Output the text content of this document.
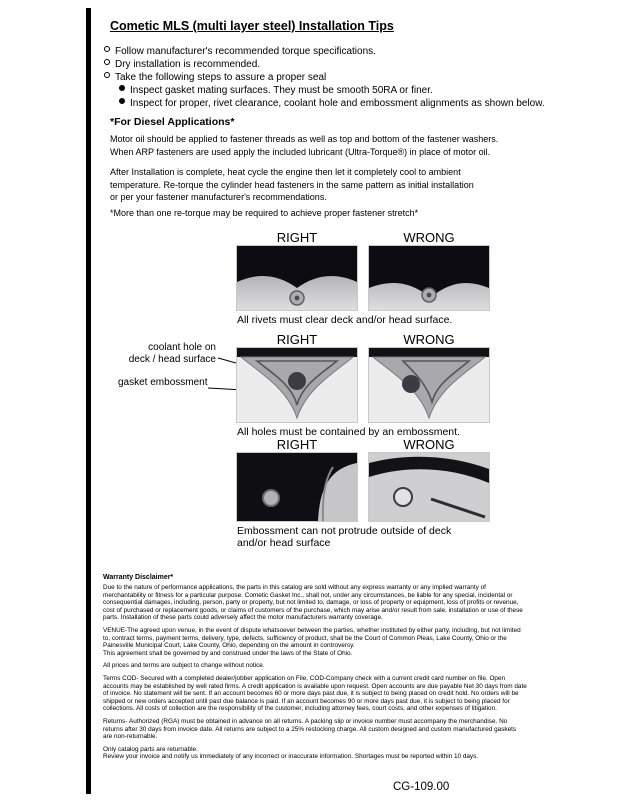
Cometic MLS (multi layer steel) Installation Tips
Follow manufacturer's recommended torque specifications.
Dry installation is recommended.
Take the following steps to assure a proper seal
Inspect gasket mating surfaces. They must be smooth 50RA or finer.
Inspect for proper, rivet clearance, coolant hole and embossment alignments as shown below.
*For Diesel Applications*
Motor oil should be applied to fastener threads as well as top and bottom of the fastener washers.
When ARP fasteners are used apply the included lubricant (Ultra-Torque®) in place of motor oil.
After Installation is complete, heat cycle the engine then let it completely cool to ambient
temperature. Re-torque the cylinder head fasteners in the same pattern as initial installation
or per your fastener manufacturer's recommendations.
*More than one re-torque may be required to achieve proper fastener stretch*
RIGHT	WRONG
All rivets must clear deck and/or head surface.
coolant hole on
deck / head surface
gasket embossment
RIGHT	WRONG
All holes must be contained by an embossment.
RIGHT	WRONG
Embossment can not protrude outside of deck
and/or head surface

Warranty Disclaimer*

Due to the nature of performance applications, the parts in this catalog are sold without any express warranty or any implied warranty of merchantability or fitness for a particular purpose. Cometic Gasket Inc., shall not, under any circumstances, be liable for any special, incidental or consequential damages, including, person, party or property, but not limited to, damage, or loss of property or equipment, loss of profits or revenue, cost of purchased or replacement goods, or claims of customers of the purchase, which may arise and/or result from sale, installation or use of these parts. Installation of these parts could adversely affect the motor manufacturers warranty coverage.

VENUE-The agreed upon venue, in the event of dispute whatsoever between the parties, whether instituted by either party, including, but not limited to, contract terms, payment terms, delivery, type, defects, sufficiency of product, shall be the Court of Common Pleas, Lake County, Ohio or the Painesville Municipal Court, Lake County, Ohio, depending on the amount in controversy.
This agreement shall be governed by and construed under the laws of the State of Ohio.

All prices and terms are subject to change without notice.

Terms COD- Secured with a completed dealer/jobber application on File, COD-Company check with a current credit card number on file. Open accounts may be established by well rated firms. A credit application is available upon request. Open accounts are due payable Net 30 days from date of invoice. No statement will be sent. If an account becomes 60 or more days past due, it is subject to being placed on credit hold. No orders will be shipped or new orders accepted until past due balance is paid. If an account becomes 90 or more days past due, it is subject to being placed for collections. All costs of collection are the responsibility of the customer, including attorney fees, court costs, and other expenses of litigation.

Returns- Authorized (RGA) must be obtained in advance on all returns. A packing slip or invoice number must accompany the merchandise. No returns after 30 days from invoice date. All returns are subject to a 25% restocking charge. All custom designed and custom manufactured gaskets are non-returnable.

Only catalog parts are returnable.
Review your invoice and notify us immediately of any incorrect or inaccurate information. Shortages must be reported within 10 days.

CG-109.00
